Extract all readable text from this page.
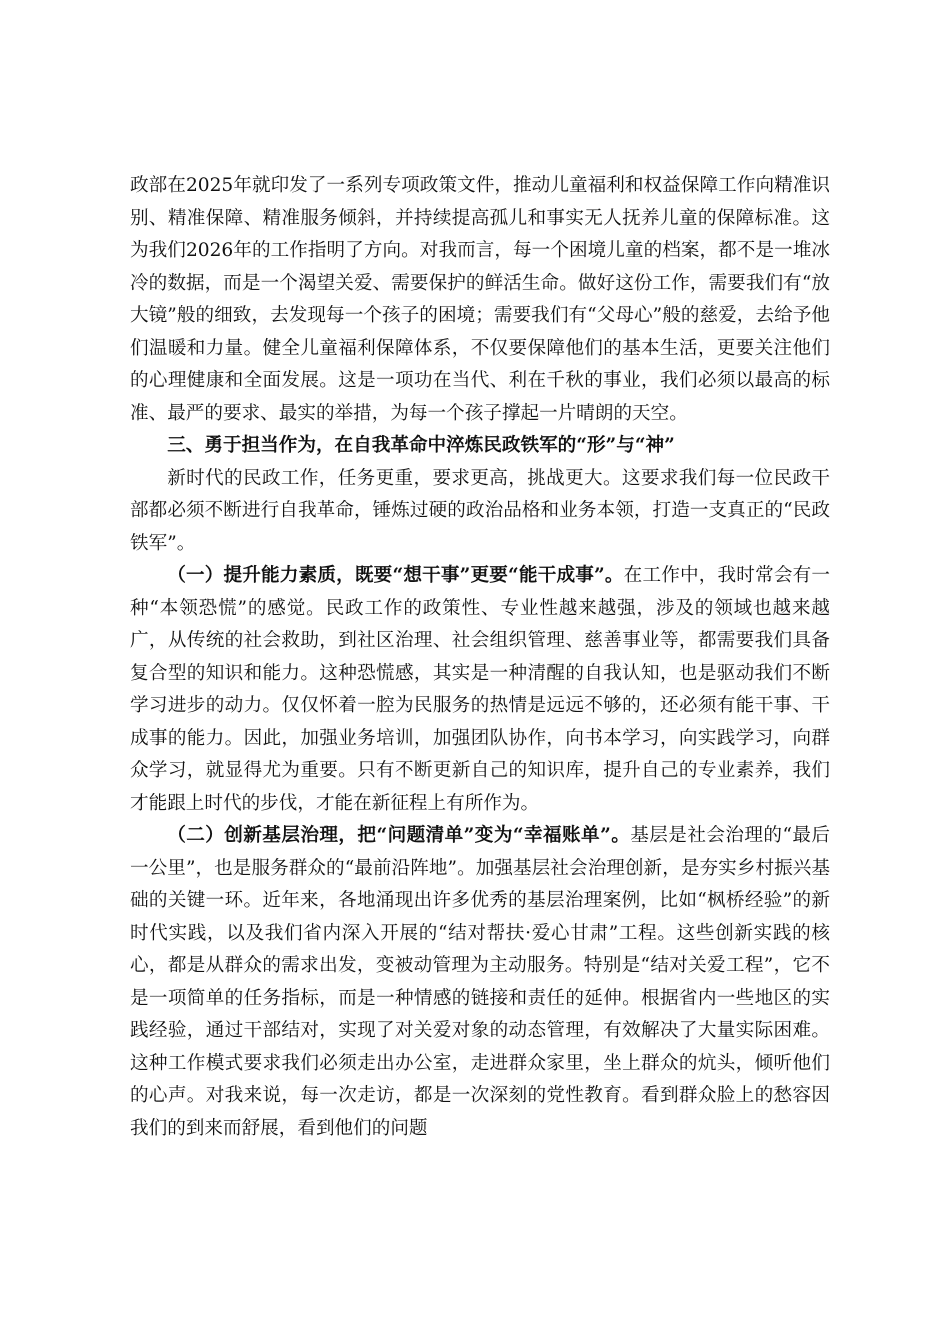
政部在2025年就印发了一系列专项政策文件，推动儿童福利和权益保障工作向精准识别、精准保障、精准服务倾斜，并持续提高孤儿和事实无人抚养儿童的保障标准。这为我们2026年的工作指明了方向。对我而言，每一个困境儿童的档案，都不是一堆冰冷的数据，而是一个渴望关爱、需要保护的鲜活生命。做好这份工作，需要我们有“放大镜”般的细致，去发现每一个孩子的困境；需要我们有“父母心”般的慈爱，去给予他们温暖和力量。健全儿童福利保障体系，不仅要保障他们的基本生活，更要关注他们的心理健康和全面发展。这是一项功在当代、利在千秋的事业，我们必须以最高的标准、最严的要求、最实的举措，为每一个孩子撑起一片晴朗的天空。

三、勇于担当作为，在自我革命中淬炼民政铁军的“形”与“神”

新时代的民政工作，任务更重，要求更高，挑战更大。这要求我们每一位民政干部都必须不断进行自我革命，锤炼过硬的政治品格和业务本领，打造一支真正的“民政铁军”。

（一）提升能力素质，既要“想干事”更要“能干成事”。在工作中，我时常会有一种“本领恐慌”的感觉。民政工作的政策性、专业性越来越强，涉及的领域也越来越广，从传统的社会救助，到社区治理、社会组织管理、慈善事业等，都需要我们具备复合型的知识和能力。这种恐慌感，其实是一种清醒的自我认知，也是驱动我们不断学习进步的动力。仅仅怀着一腔为民服务的热情是远远不够的，还必须有能干事、干成事的能力。因此，加强业务培训，加强团队协作，向书本学习，向实践学习，向群众学习，就显得尤为重要。只有不断更新自己的知识库，提升自己的专业素养，我们才能跟上时代的步伐，才能在新征程上有所作为。

（二）创新基层治理，把“问题清单”变为“幸福账单”。基层是社会治理的“最后一公里”，也是服务群众的“最前沿阵地”。加强基层社会治理创新，是夯实乡村振兴基础的关键一环。近年来，各地涌现出许多优秀的基层治理案例，比如“枫桥经验”的新时代实践，以及我们省内深入开展的“结对帮扶·爱心甘肃”工程。这些创新实践的核心，都是从群众的需求出发，变被动管理为主动服务。特别是“结对关爱工程”，它不是一项简单的任务指标，而是一种情感的链接和责任的延伸。根据省内一些地区的实践经验，通过干部结对，实现了对关爱对象的动态管理，有效解决了大量实际困难。这种工作模式要求我们必须走出办公室，走进群众家里，坐上群众的炕头，倾听他们的心声。对我来说，每一次走访，都是一次深刻的党性教育。看到群众脸上的愁容因我们的到来而舒展，看到他们的问题
